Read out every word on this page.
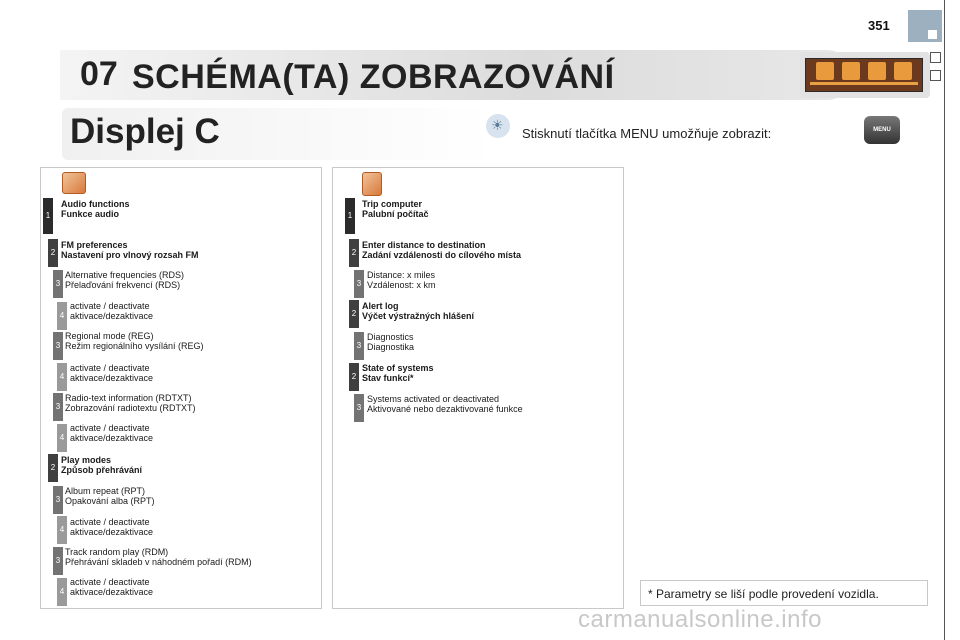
351
07 SCHÉMA(TA) ZOBRAZOVÁNÍ
Displej C
☀	Stisknutí tlačítka MENU umožňuje zobrazit:	MENU
1
Audio functions
Funkce audio
2
FM preferences
Nastavení pro vlnový rozsah FM
3
Alternative frequencies (RDS)
Přelaďování frekvencí (RDS)
4
activate / deactivate
aktivace/dezaktivace
3
Regional mode (REG)
Režim regionálního vysílání (REG)
4
activate / deactivate
aktivace/dezaktivace
3
Radio-text information (RDTXT)
Zobrazování radiotextu (RDTXT)
4
activate / deactivate
aktivace/dezaktivace
2
Play modes
Způsob přehrávání
3
Album repeat (RPT)
Opakování alba (RPT)
4
activate / deactivate
aktivace/dezaktivace
3
Track random play (RDM)
Přehrávání skladeb v náhodném pořadí (RDM)
4
activate / deactivate
aktivace/dezaktivace
1
Trip computer
Palubní počítač
2
Enter distance to destination
Zadání vzdálenosti do cílového místa
3
Distance: x miles
Vzdálenost: x km
2
Alert log
Výčet výstražných hlášení
3
Diagnostics
Diagnostika
2
State of systems
Stav funkcí*
3
Systems activated or deactivated
Aktivované nebo dezaktivované funkce
* Parametry se liší podle provedení vozidla.
carmanualsonline.info
